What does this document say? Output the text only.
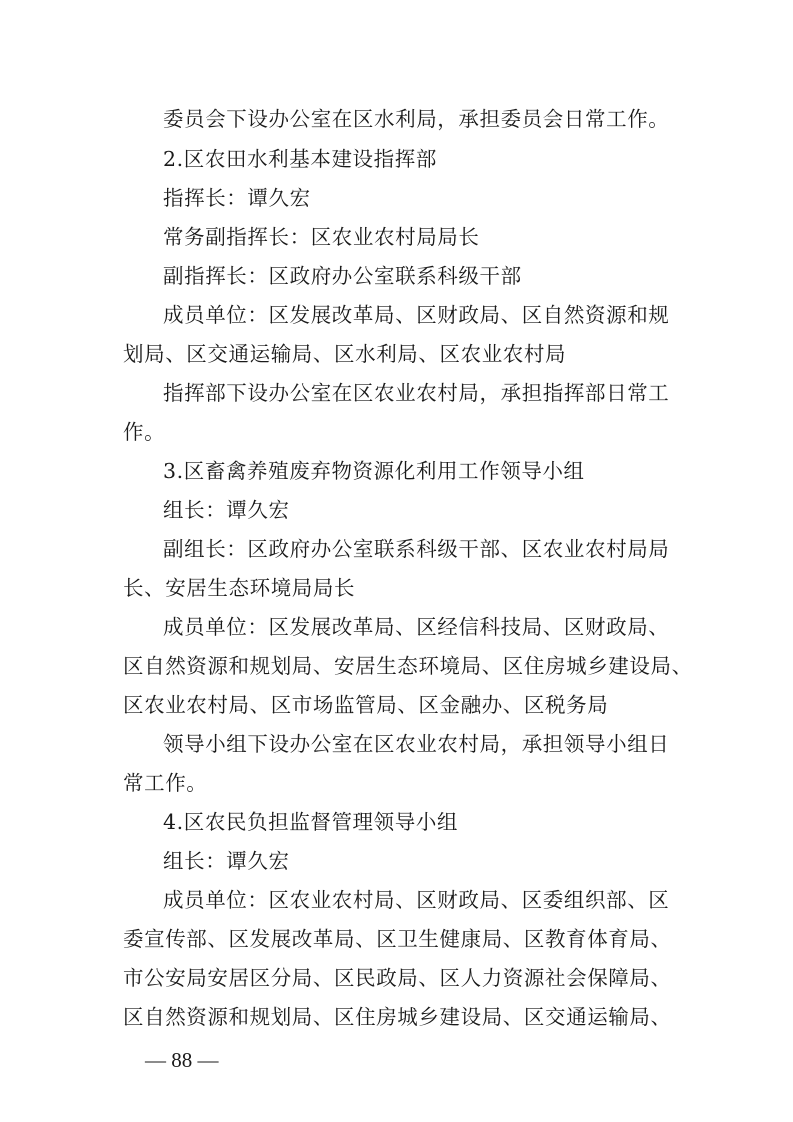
委员会下设办公室在区水利局，承担委员会日常工作。
2.区农田水利基本建设指挥部
指挥长：谭久宏
常务副指挥长：区农业农村局局长
副指挥长：区政府办公室联系科级干部
成员单位：区发展改革局、区财政局、区自然资源和规
划局、区交通运输局、区水利局、区农业农村局
指挥部下设办公室在区农业农村局，承担指挥部日常工
作。
3.区畜禽养殖废弃物资源化利用工作领导小组
组长：谭久宏
副组长：区政府办公室联系科级干部、区农业农村局局
长、安居生态环境局局长
成员单位：区发展改革局、区经信科技局、区财政局、
区自然资源和规划局、安居生态环境局、区住房城乡建设局、
区农业农村局、区市场监管局、区金融办、区税务局
领导小组下设办公室在区农业农村局，承担领导小组日
常工作。
4.区农民负担监督管理领导小组
组长：谭久宏
成员单位：区农业农村局、区财政局、区委组织部、区
委宣传部、区发展改革局、区卫生健康局、区教育体育局、
市公安局安居区分局、区民政局、区人力资源社会保障局、
区自然资源和规划局、区住房城乡建设局、区交通运输局、
— 88 —
